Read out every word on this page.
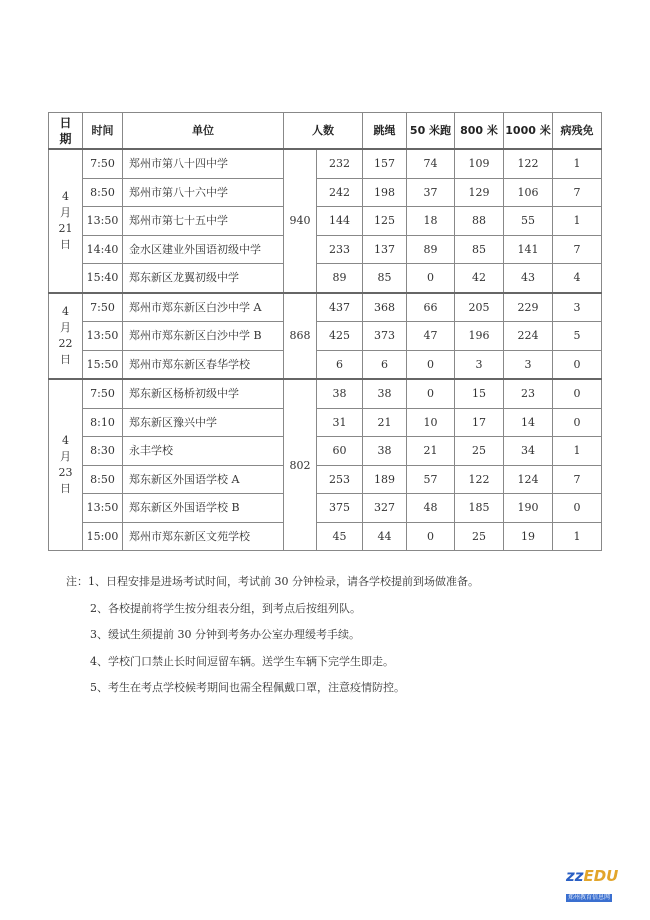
日
期	时间	单位	人数		跳绳	50 米跑	800 米	1000 米	病残免

4
月
21
日	7:50	郑州市第八十四中学	940	232	157	74	109	122	1
	8:50	郑州市第八十六中学		242	198	37	129	106	7
	13:50	郑州市第七十五中学		144	125	18	88	55	1
	14:40	金水区建业外国语初级中学		233	137	89	85	141	7
	15:40	郑东新区龙翼初级中学		89	85	0	42	43	4

4
月
22
日	7:50	郑州市郑东新区白沙中学 A	868	437	368	66	205	229	3
	13:50	郑州市郑东新区白沙中学 B		425	373	47	196	224	5
	15:50	郑州市郑东新区春华学校		6	6	0	3	3	0

4
月
23
日	7:50	郑东新区杨桥初级中学	802	38	38	0	15	23	0
	8:10	郑东新区豫兴中学		31	21	10	17	14	0
	8:30	永丰学校		60	38	21	25	34	1
	8:50	郑东新区外国语学校 A		253	189	57	122	124	7
	13:50	郑东新区外国语学校 B		375	327	48	185	190	0
	15:00	郑州市郑东新区文苑学校		45	44	0	25	19	1
注：1、日程安排是进场考试时间，考试前 30 分钟检录，请各学校提前到场做准备。
2、各校提前将学生按分组表分组，到考点后按组列队。
3、缓试生须提前 30 分钟到考务办公室办理缓考手续。
4、学校门口禁止长时间逗留车辆。送学生车辆下完学生即走。
5、考生在考点学校候考期间也需全程佩戴口罩，注意疫情防控。
zzEDU
郑州教育信息网
